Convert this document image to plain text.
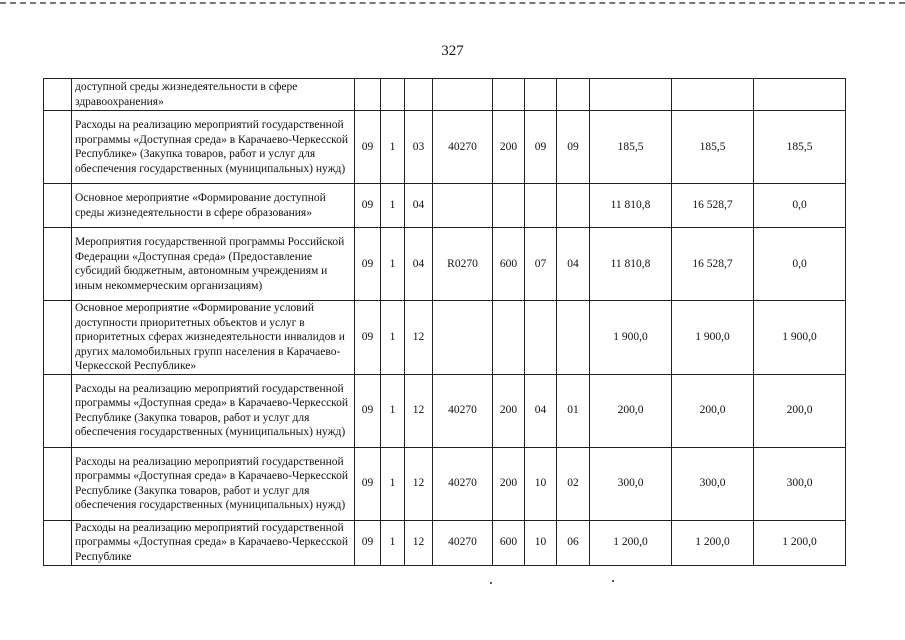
327
	доступной среды жизнедеятельности в сфере здравоохранения»										
	Расходы на реализацию мероприятий государственной программы «Доступная среда» в Карачаево-Черкесской Республике» (Закупка товаров, работ и услуг для обеспечения государственных (муниципальных) нужд)	09	1	03	40270	200	09	09	185,5	185,5	185,5
	Основное мероприятие «Формирование доступной среды жизнедеятельности в сфере образования»	09	1	04					11 810,8	16 528,7	0,0
	Мероприятия государственной программы Российской Федерации «Доступная среда» (Предоставление субсидий бюджетным, автономным учреждениям и иным некоммерческим организациям)	09	1	04	R0270	600	07	04	11 810,8	16 528,7	0,0
	Основное мероприятие «Формирование условий доступности приоритетных объектов и услуг в приоритетных сферах жизнедеятельности инвалидов и других маломобильных групп населения в Карачаево-Черкесской Республике»	09	1	12					1 900,0	1 900,0	1 900,0
	Расходы на реализацию мероприятий государственной программы «Доступная среда» в Карачаево-Черкесской Республике (Закупка товаров, работ и услуг для обеспечения государственных (муниципальных) нужд)	09	1	12	40270	200	04	01	200,0	200,0	200,0
	Расходы на реализацию мероприятий государственной программы «Доступная среда» в Карачаево-Черкесской Республике (Закупка товаров, работ и услуг для обеспечения государственных (муниципальных) нужд)	09	1	12	40270	200	10	02	300,0	300,0	300,0
	Расходы на реализацию мероприятий государственной программы «Доступная среда» в Карачаево-Черкесской Республике	09	1	12	40270	600	10	06	1 200,0	1 200,0	1 200,0
